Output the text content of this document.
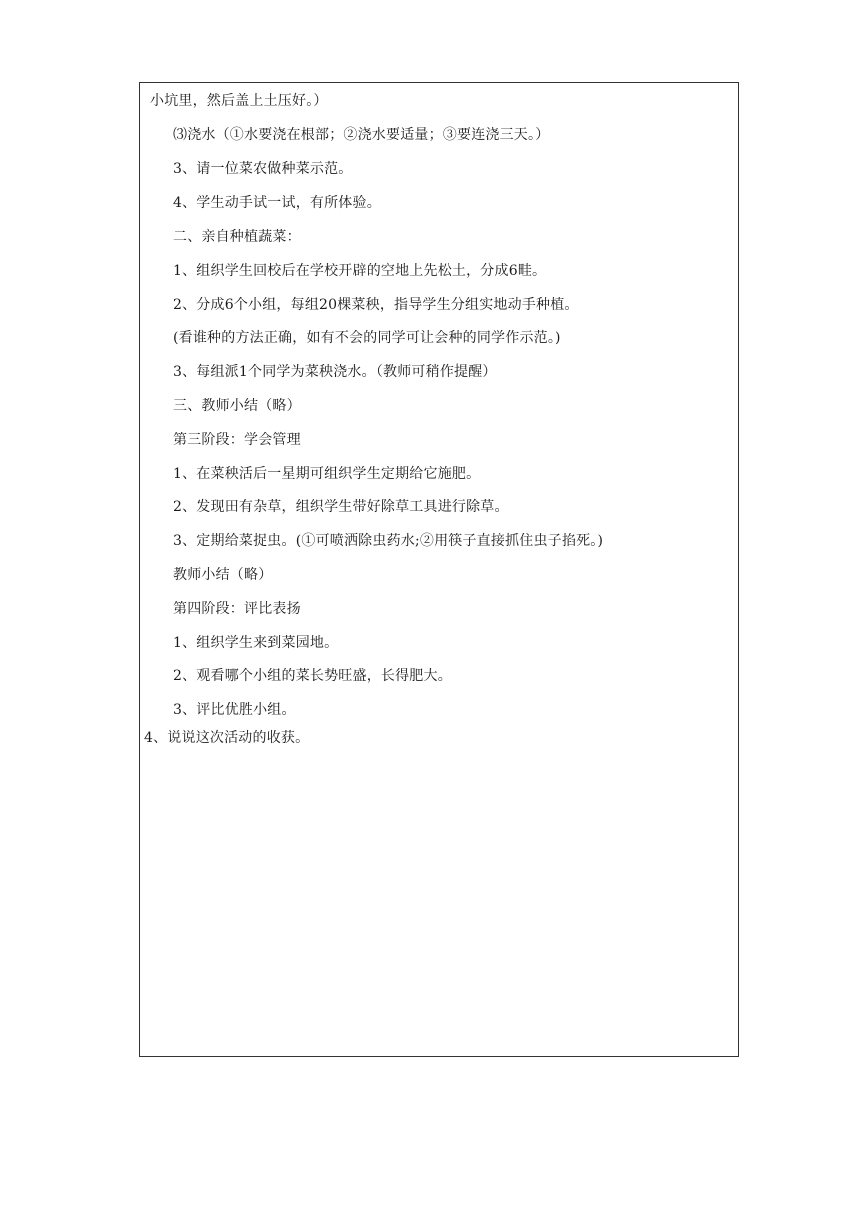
小坑里，然后盖上土压好。）
⑶浇水（①水要浇在根部；②浇水要适量；③要连浇三天。）
3、请一位菜农做种菜示范。
4、学生动手试一试，有所体验。
二、亲自种植蔬菜：
1、组织学生回校后在学校开辟的空地上先松土，分成6畦。
2、分成6个小组，每组20棵菜秧，指导学生分组实地动手种植。
(看谁种的方法正确，如有不会的同学可让会种的同学作示范。)
3、每组派1个同学为菜秧浇水。（教师可稍作提醒）
三、教师小结（略）
第三阶段：学会管理
1、在菜秧活后一星期可组织学生定期给它施肥。
2、发现田有杂草，组织学生带好除草工具进行除草。
3、定期给菜捉虫。(①可喷洒除虫药水;②用筷子直接抓住虫子掐死。)
教师小结（略）
第四阶段：评比表扬
1、组织学生来到菜园地。
2、观看哪个小组的菜长势旺盛，长得肥大。
3、评比优胜小组。
4、说说这次活动的收获。
